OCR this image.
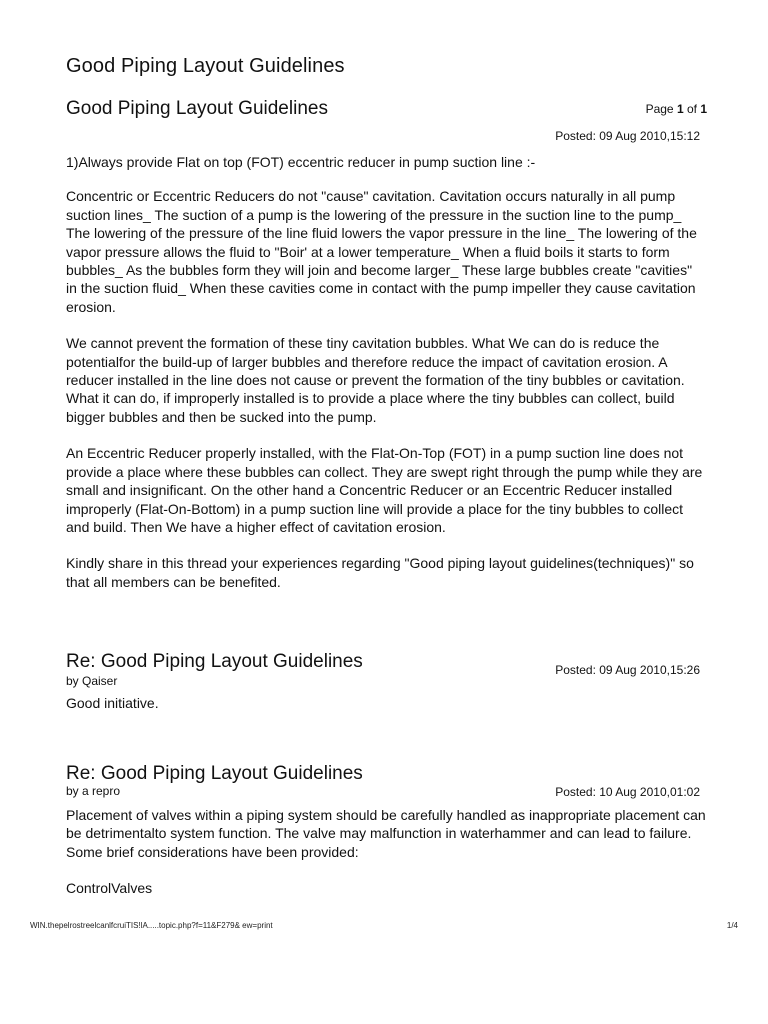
Good Piping Layout Guidelines
Good Piping Layout Guidelines	Page 1 of 1
Posted: 09 Aug 2010,15:12

1)Always provide Flat on top (FOT) eccentric reducer in pump suction line :-

Concentric or Eccentric Reducers do not "cause" cavitation. Cavitation occurs naturally in all pump suction lines_ The suction of a pump is the lowering of the pressure in the suction line to the pump_ The lowering of the pressure of the line fluid lowers the vapor pressure in the line_ The lowering of the vapor pressure allows the fluid to "Boir' at a lower temperature_ When a fluid boils it starts to form bubbles_ As the bubbles form they will join and become larger_ These large bubbles create "cavities" in the suction fluid_ When these cavities come in contact with the pump impeller they cause cavitation erosion.

We cannot prevent the formation of these tiny cavitation bubbles. What We can do is reduce the potentialfor the build-up of larger bubbles and therefore reduce the impact of cavitation erosion. A reducer installed in the line does not cause or prevent the formation of the tiny bubbles or cavitation. What it can do, if improperly installed is to provide a place where the tiny bubbles can collect, build bigger bubbles and then be sucked into the pump.

An Eccentric Reducer properly installed, with the Flat-On-Top (FOT) in a pump suction line does not provide a place where these bubbles can collect. They are swept right through the pump while they are small and insignificant. On the other hand a Concentric Reducer or an Eccentric Reducer installed improperly (Flat-On-Bottom) in a pump suction line will provide a place for the tiny bubbles to collect and build. Then We have a higher effect of cavitation erosion.

Kindly share in this thread your experiences regarding "Good piping layout guidelines(techniques)" so that all members can be benefited.

Re: Good Piping Layout Guidelines	Posted: 09 Aug 2010,15:26
by Qaiser

Good initiative.

Re: Good Piping Layout Guidelines
by a repro	Posted: 10 Aug 2010,01:02

Placement of valves within a piping system should be carefully handled as inappropriate placement can be detrimentalto system function. The valve may malfunction in waterhammer and can lead to failure. Some brief considerations have been provided:

ControlValves

WIN.thepelrostreelcanlfcruiTIS!lA.....topic.php?f=11&F279& ew=print	1/4
